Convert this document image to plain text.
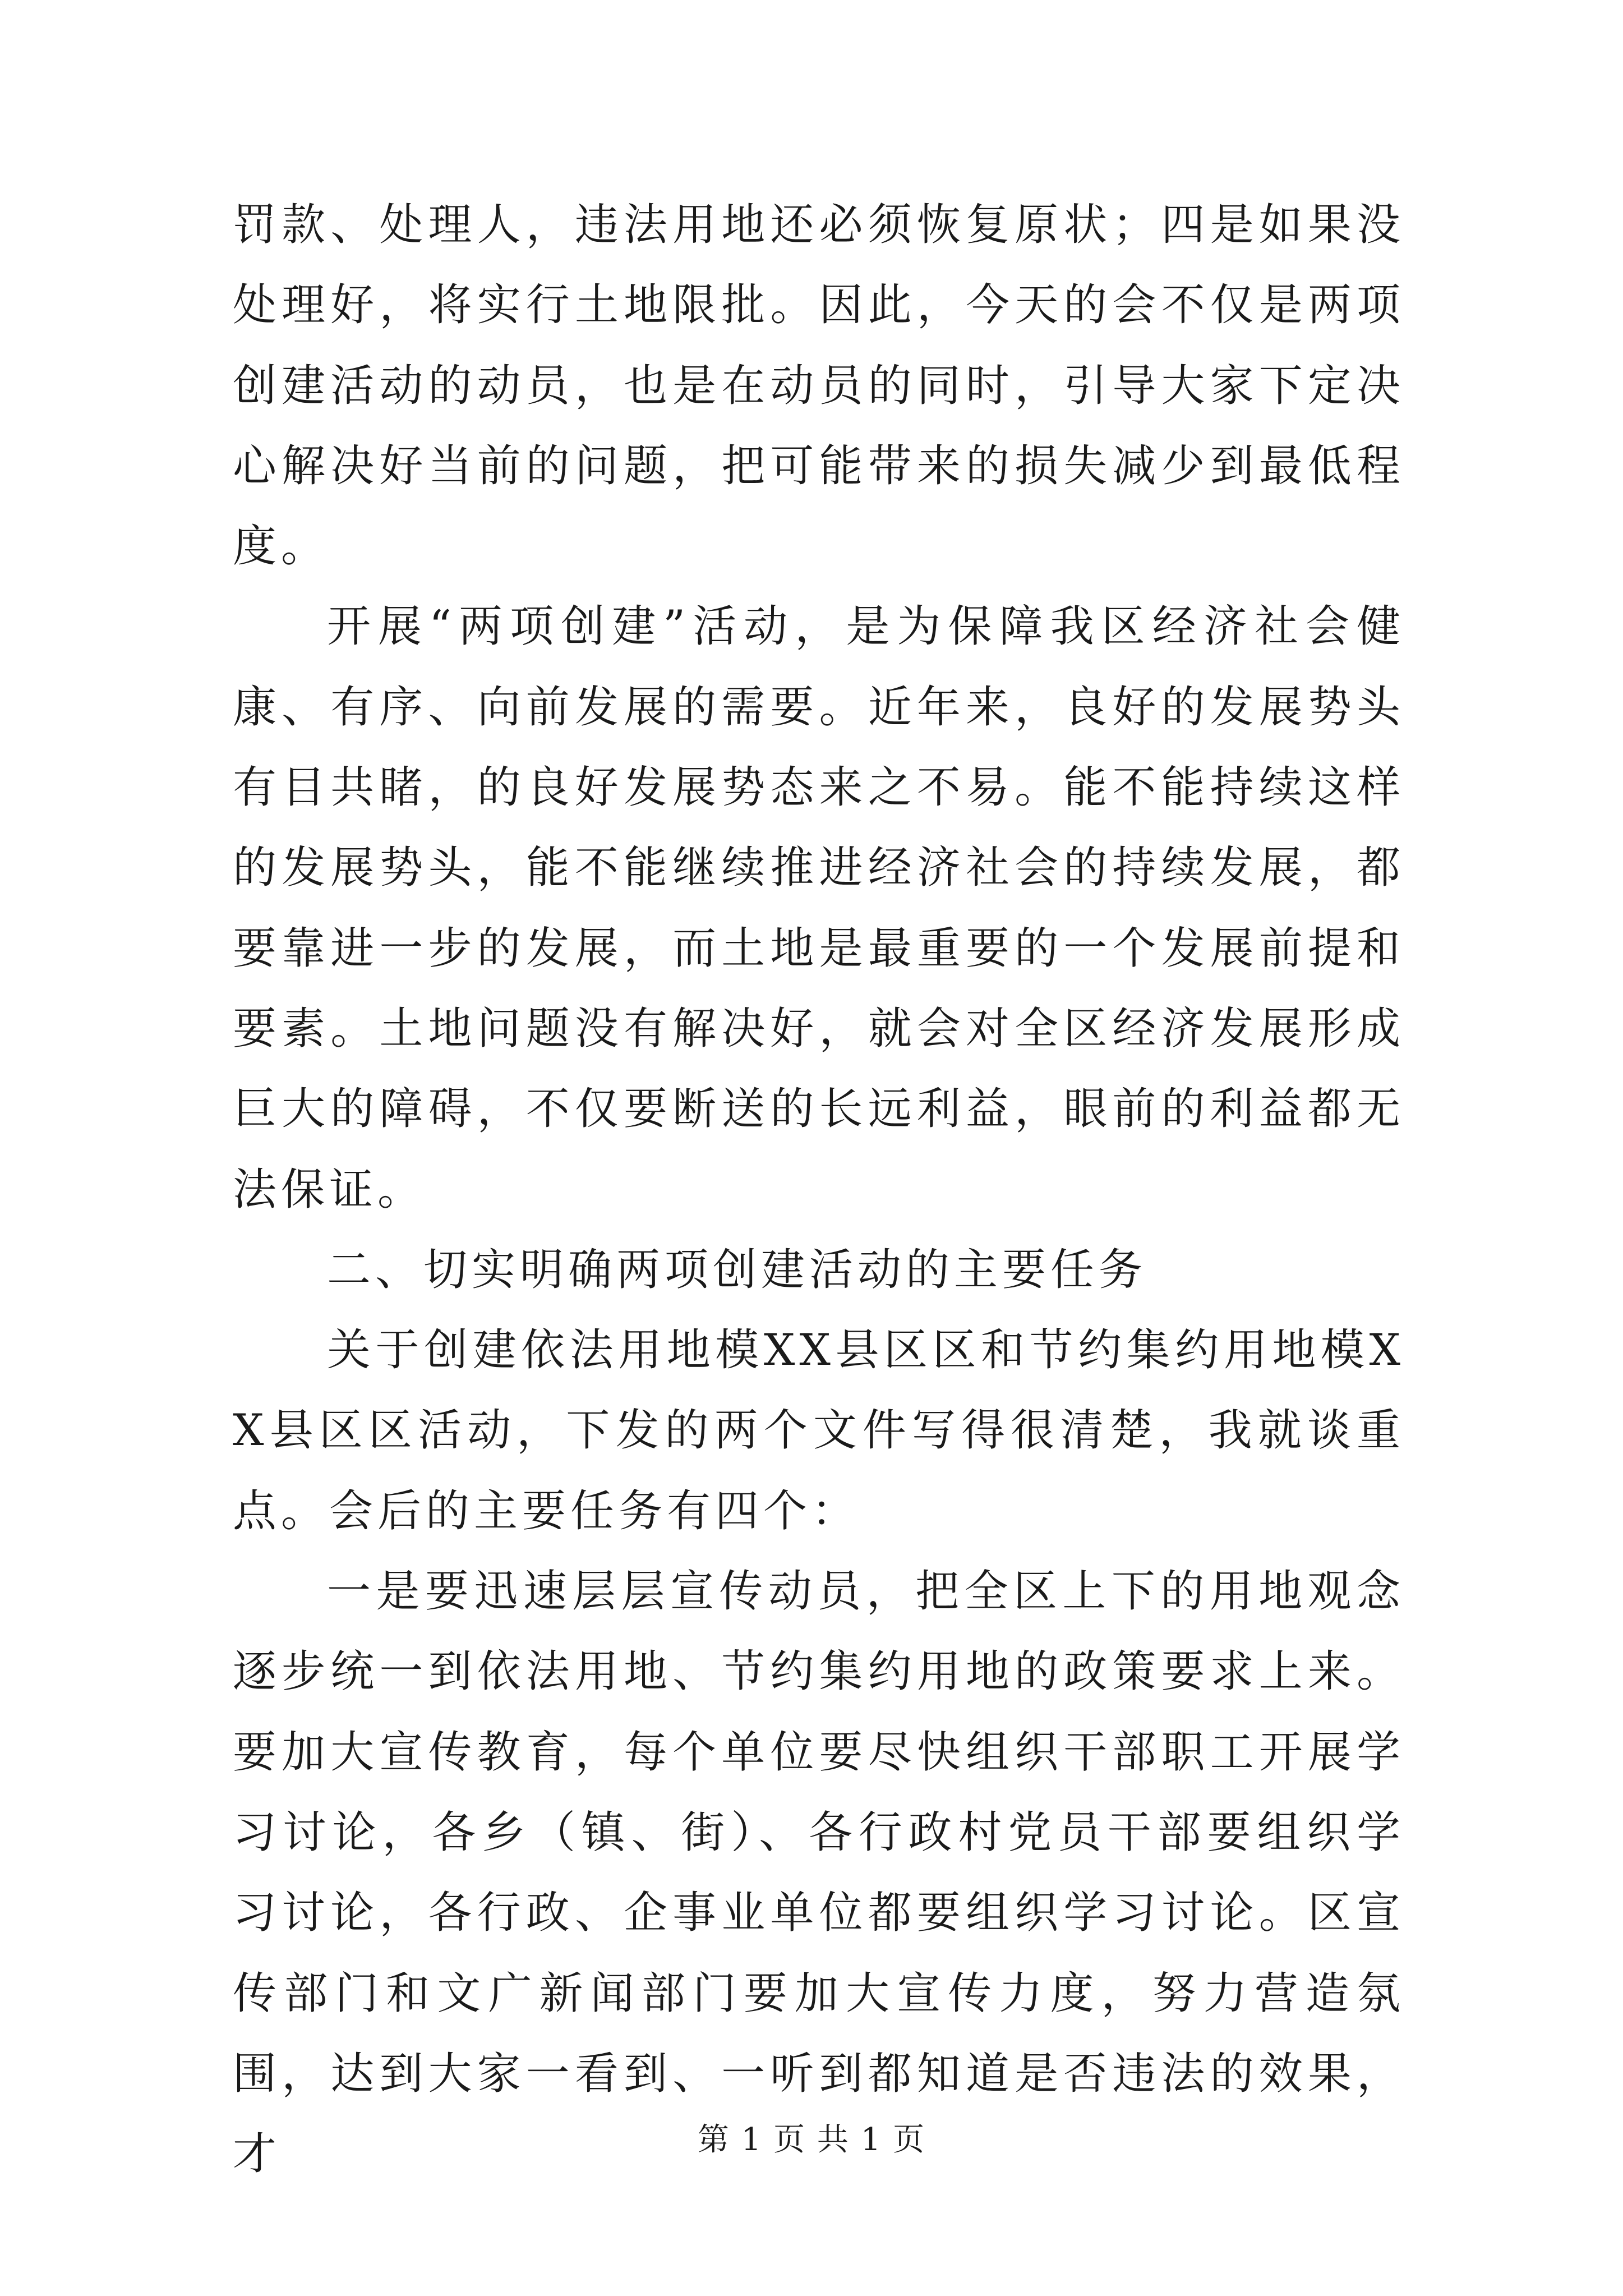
罚款、处理人，违法用地还必须恢复原状；四是如果没处理好，将实行土地限批。因此，今天的会不仅是两项创建活动的动员，也是在动员的同时，引导大家下定决心解决好当前的问题，把可能带来的损失减少到最低程度。

开展“两项创建”活动，是为保障我区经济社会健康、有序、向前发展的需要。近年来，良好的发展势头有目共睹，的良好发展势态来之不易。能不能持续这样的发展势头，能不能继续推进经济社会的持续发展，都要靠进一步的发展，而土地是最重要的一个发展前提和要素。土地问题没有解决好，就会对全区经济发展形成巨大的障碍，不仅要断送的长远利益，眼前的利益都无法保证。

二、切实明确两项创建活动的主要任务

关于创建依法用地模XX县区区和节约集约用地模XX县区区活动，下发的两个文件写得很清楚，我就谈重点。会后的主要任务有四个：

一是要迅速层层宣传动员，把全区上下的用地观念逐步统一到依法用地、节约集约用地的政策要求上来。要加大宣传教育，每个单位要尽快组织干部职工开展学习讨论，各乡（镇、街）、各行政村党员干部要组织学习讨论，各行政、企事业单位都要组织学习讨论。区宣传部门和文广新闻部门要加大宣传力度，努力营造氛围，达到大家一看到、一听到都知道是否违法的效果，才	第 1 页 共 1 页
